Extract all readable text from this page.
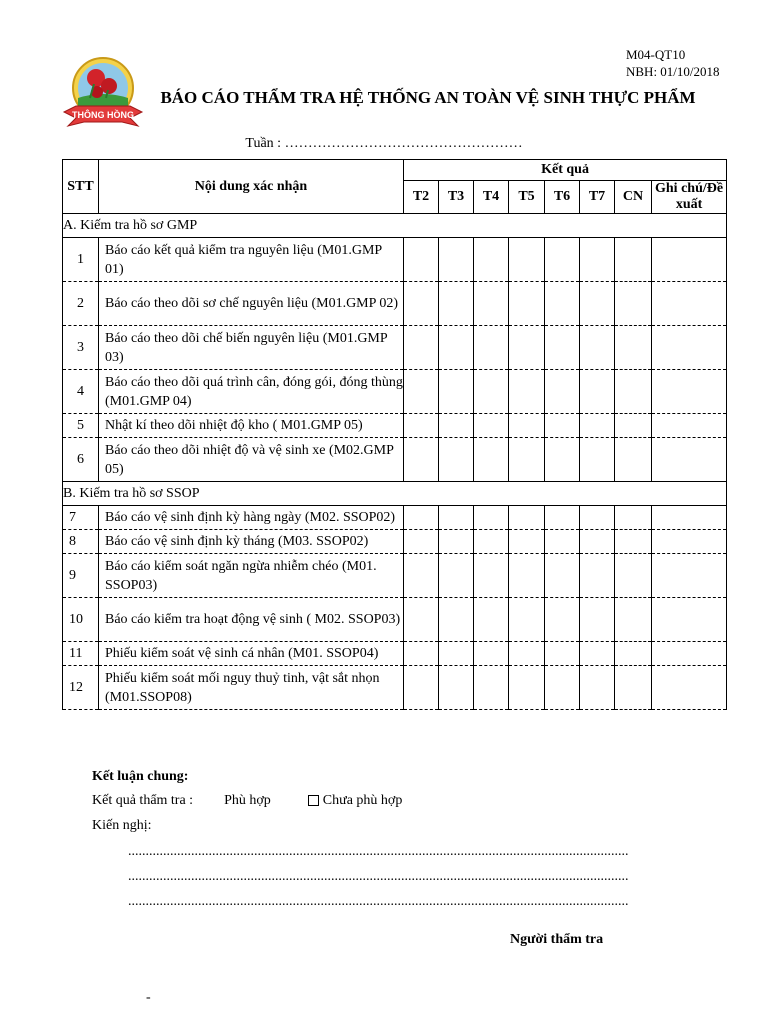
M04-QT10
NBH: 01/10/2018
THÔNG HỒNG
BÁO CÁO THẨM TRA HỆ THỐNG AN TOÀN VỆ SINH THỰC PHẨM
Tuần : ……………………………………………
STT	Nội dung xác nhận	Kết quả							
		T2	T3	T4	T5	T6	T7	CN	Ghi chú/Đề xuất
A. Kiếm tra hồ sơ GMP									
1	Báo cáo kết quả kiểm tra nguyên liệu (M01.GMP 01)								
2	Báo cáo theo dõi sơ chế nguyên liệu (M01.GMP 02)								
3	Báo cáo theo dõi chế biến nguyên liệu (M01.GMP 03)								
4	Báo cáo theo dõi quá trình cân, đóng gói, đóng thùng (M01.GMP 04)								
5	Nhật kí theo dõi nhiệt độ kho ( M01.GMP 05)								
6	Báo cáo theo dõi nhiệt độ và vệ sinh xe (M02.GMP 05)								
B. Kiếm tra hồ sơ SSOP									
7	Báo cáo vệ sinh định kỳ hàng ngày (M02. SSOP02)								
8	Báo cáo vệ sinh định kỳ tháng (M03. SSOP02)								
9	Báo cáo kiểm soát ngăn ngừa nhiễm chéo (M01. SSOP03)								
10	Báo cáo kiểm tra hoạt động vệ sinh ( M02. SSOP03)								
11	Phiếu kiểm soát vệ sinh cá nhân (M01. SSOP04)								
12	Phiếu kiểm soát mối nguy thuỷ tinh, vật sắt nhọn (M01.SSOP08)								
Kết luận chung:
Kết quả thẩm tra : Phù hợp	Chưa phù hợp
Kiến nghị:
...............................................................................................................................................
...............................................................................................................................................
...............................................................................................................................................
Người thẩm tra
-
